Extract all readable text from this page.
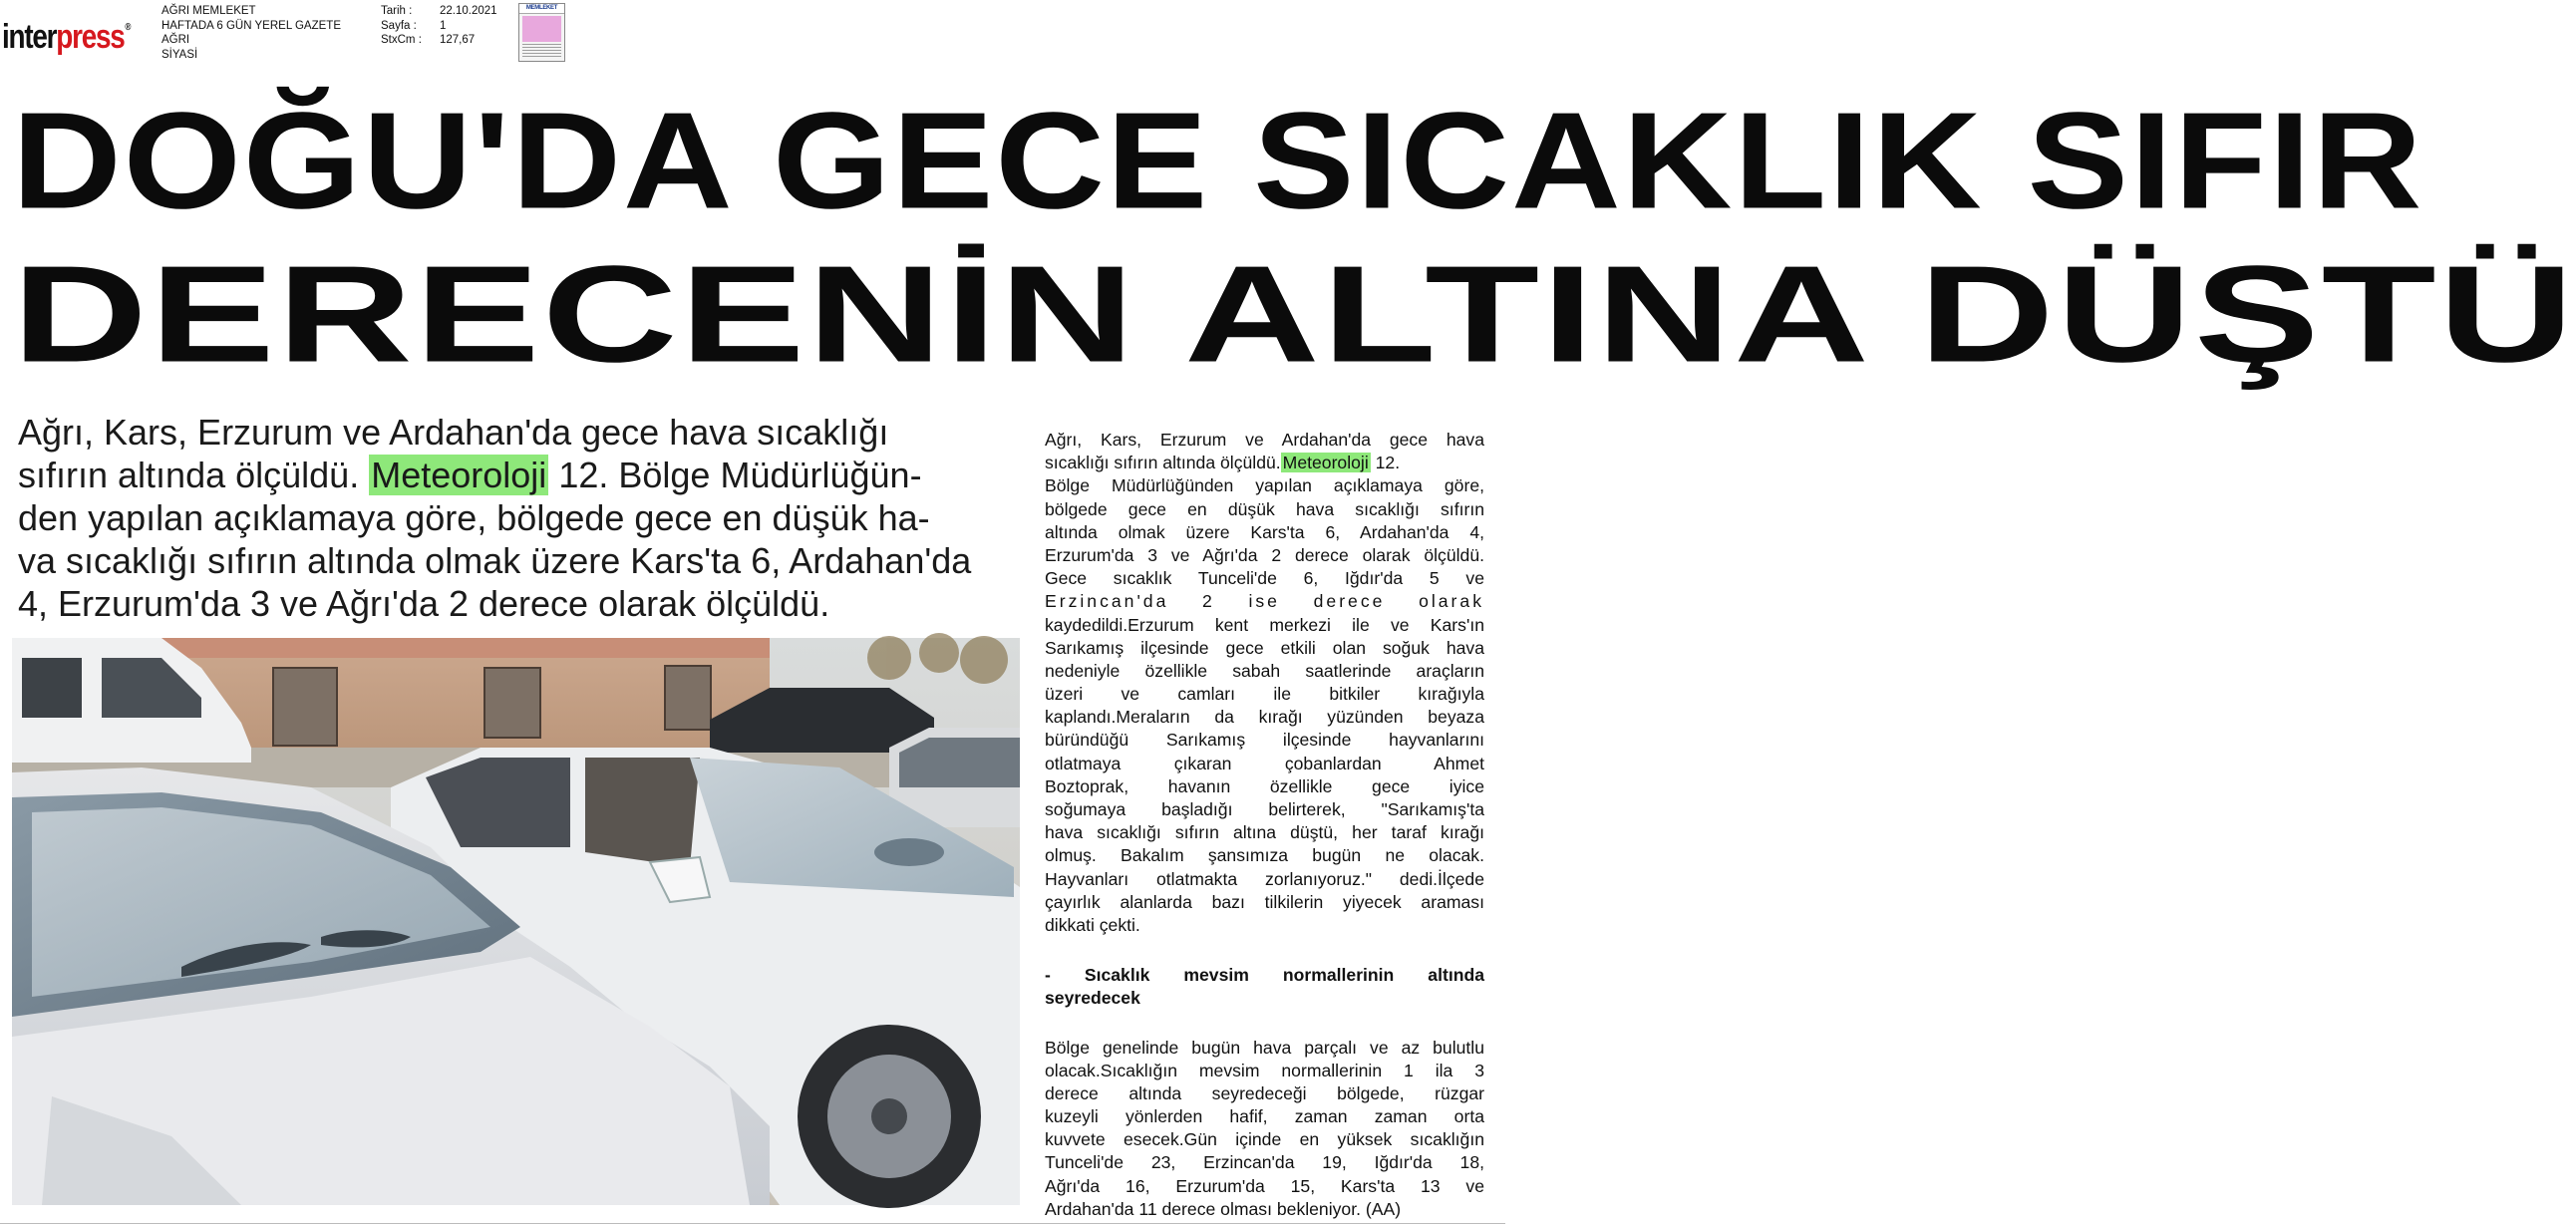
interpress®
AĞRI MEMLEKET
HAFTADA 6 GÜN YEREL GAZETE
AĞRI
SİYASİ
Tarih :
Sayfa :
StxCm :
22.10.2021
1
127,67
MEMLEKET
DOĞU'DA GECE SICAKLIK SIFIR
DERECENİN ALTINA DÜŞTÜ

Ağrı, Kars, Erzurum ve Ardahan'da gece hava sıcaklığı

sıfırın altında ölçüldü. Meteoroloji 12. Bölge Müdürlüğün-

den yapılan açıklamaya göre, bölgede gece en düşük ha-

va sıcaklığı sıfırın altında olmak üzere Kars'ta 6, Ardahan'da

4, Erzurum'da 3 ve Ağrı'da 2 derece olarak ölçüldü.

Ağrı, Kars, Erzurum ve Ardahan'da gece hava
sıcaklığı sıfırın altında ölçüldü. Meteoroloji 12.
Bölge Müdürlüğünden yapılan açıklamaya göre,
bölgede gece en düşük hava sıcaklığı sıfırın
altında olmak üzere Kars'ta 6, Ardahan'da 4,
Erzurum'da 3 ve Ağrı'da 2 derece olarak ölçüldü.
Gece sıcaklık Tunceli'de 6, Iğdır'da 5 ve
Erzincan'da 2 ise derece olarak
kaydedildi.Erzurum kent merkezi ile ve Kars'ın
Sarıkamış ilçesinde gece etkili olan soğuk hava
nedeniyle özellikle sabah saatlerinde araçların
üzeri ve camları ile bitkiler kırağıyla
kaplandı.Meraların da kırağı yüzünden beyaza
büründüğü Sarıkamış ilçesinde hayvanlarını
otlatmaya çıkaran çobanlardan Ahmet
Boztoprak, havanın özellikle gece iyice
soğumaya başladığı belirterek, "Sarıkamış'ta
hava sıcaklığı sıfırın altına düştü, her taraf kırağı
olmuş. Bakalım şansımıza bugün ne olacak.
Hayvanları otlatmakta zorlanıyoruz." dedi.İlçede
çayırlık alanlarda bazı tilkilerin yiyecek araması
dikkati çekti.
- Sıcaklık mevsim normallerinin altında
seyredecek
Bölge genelinde bugün hava parçalı ve az bulutlu
olacak.Sıcaklığın mevsim normallerinin 1 ila 3
derece altında seyredeceği bölgede, rüzgar
kuzeyli yönlerden hafif, zaman zaman orta
kuvvete esecek.Gün içinde en yüksek sıcaklığın
Tunceli'de 23, Erzincan'da 19, Iğdır'da 18,
Ağrı'da 16, Erzurum'da 15, Kars'ta 13 ve
Ardahan'da 11 derece olması bekleniyor. (AA)
